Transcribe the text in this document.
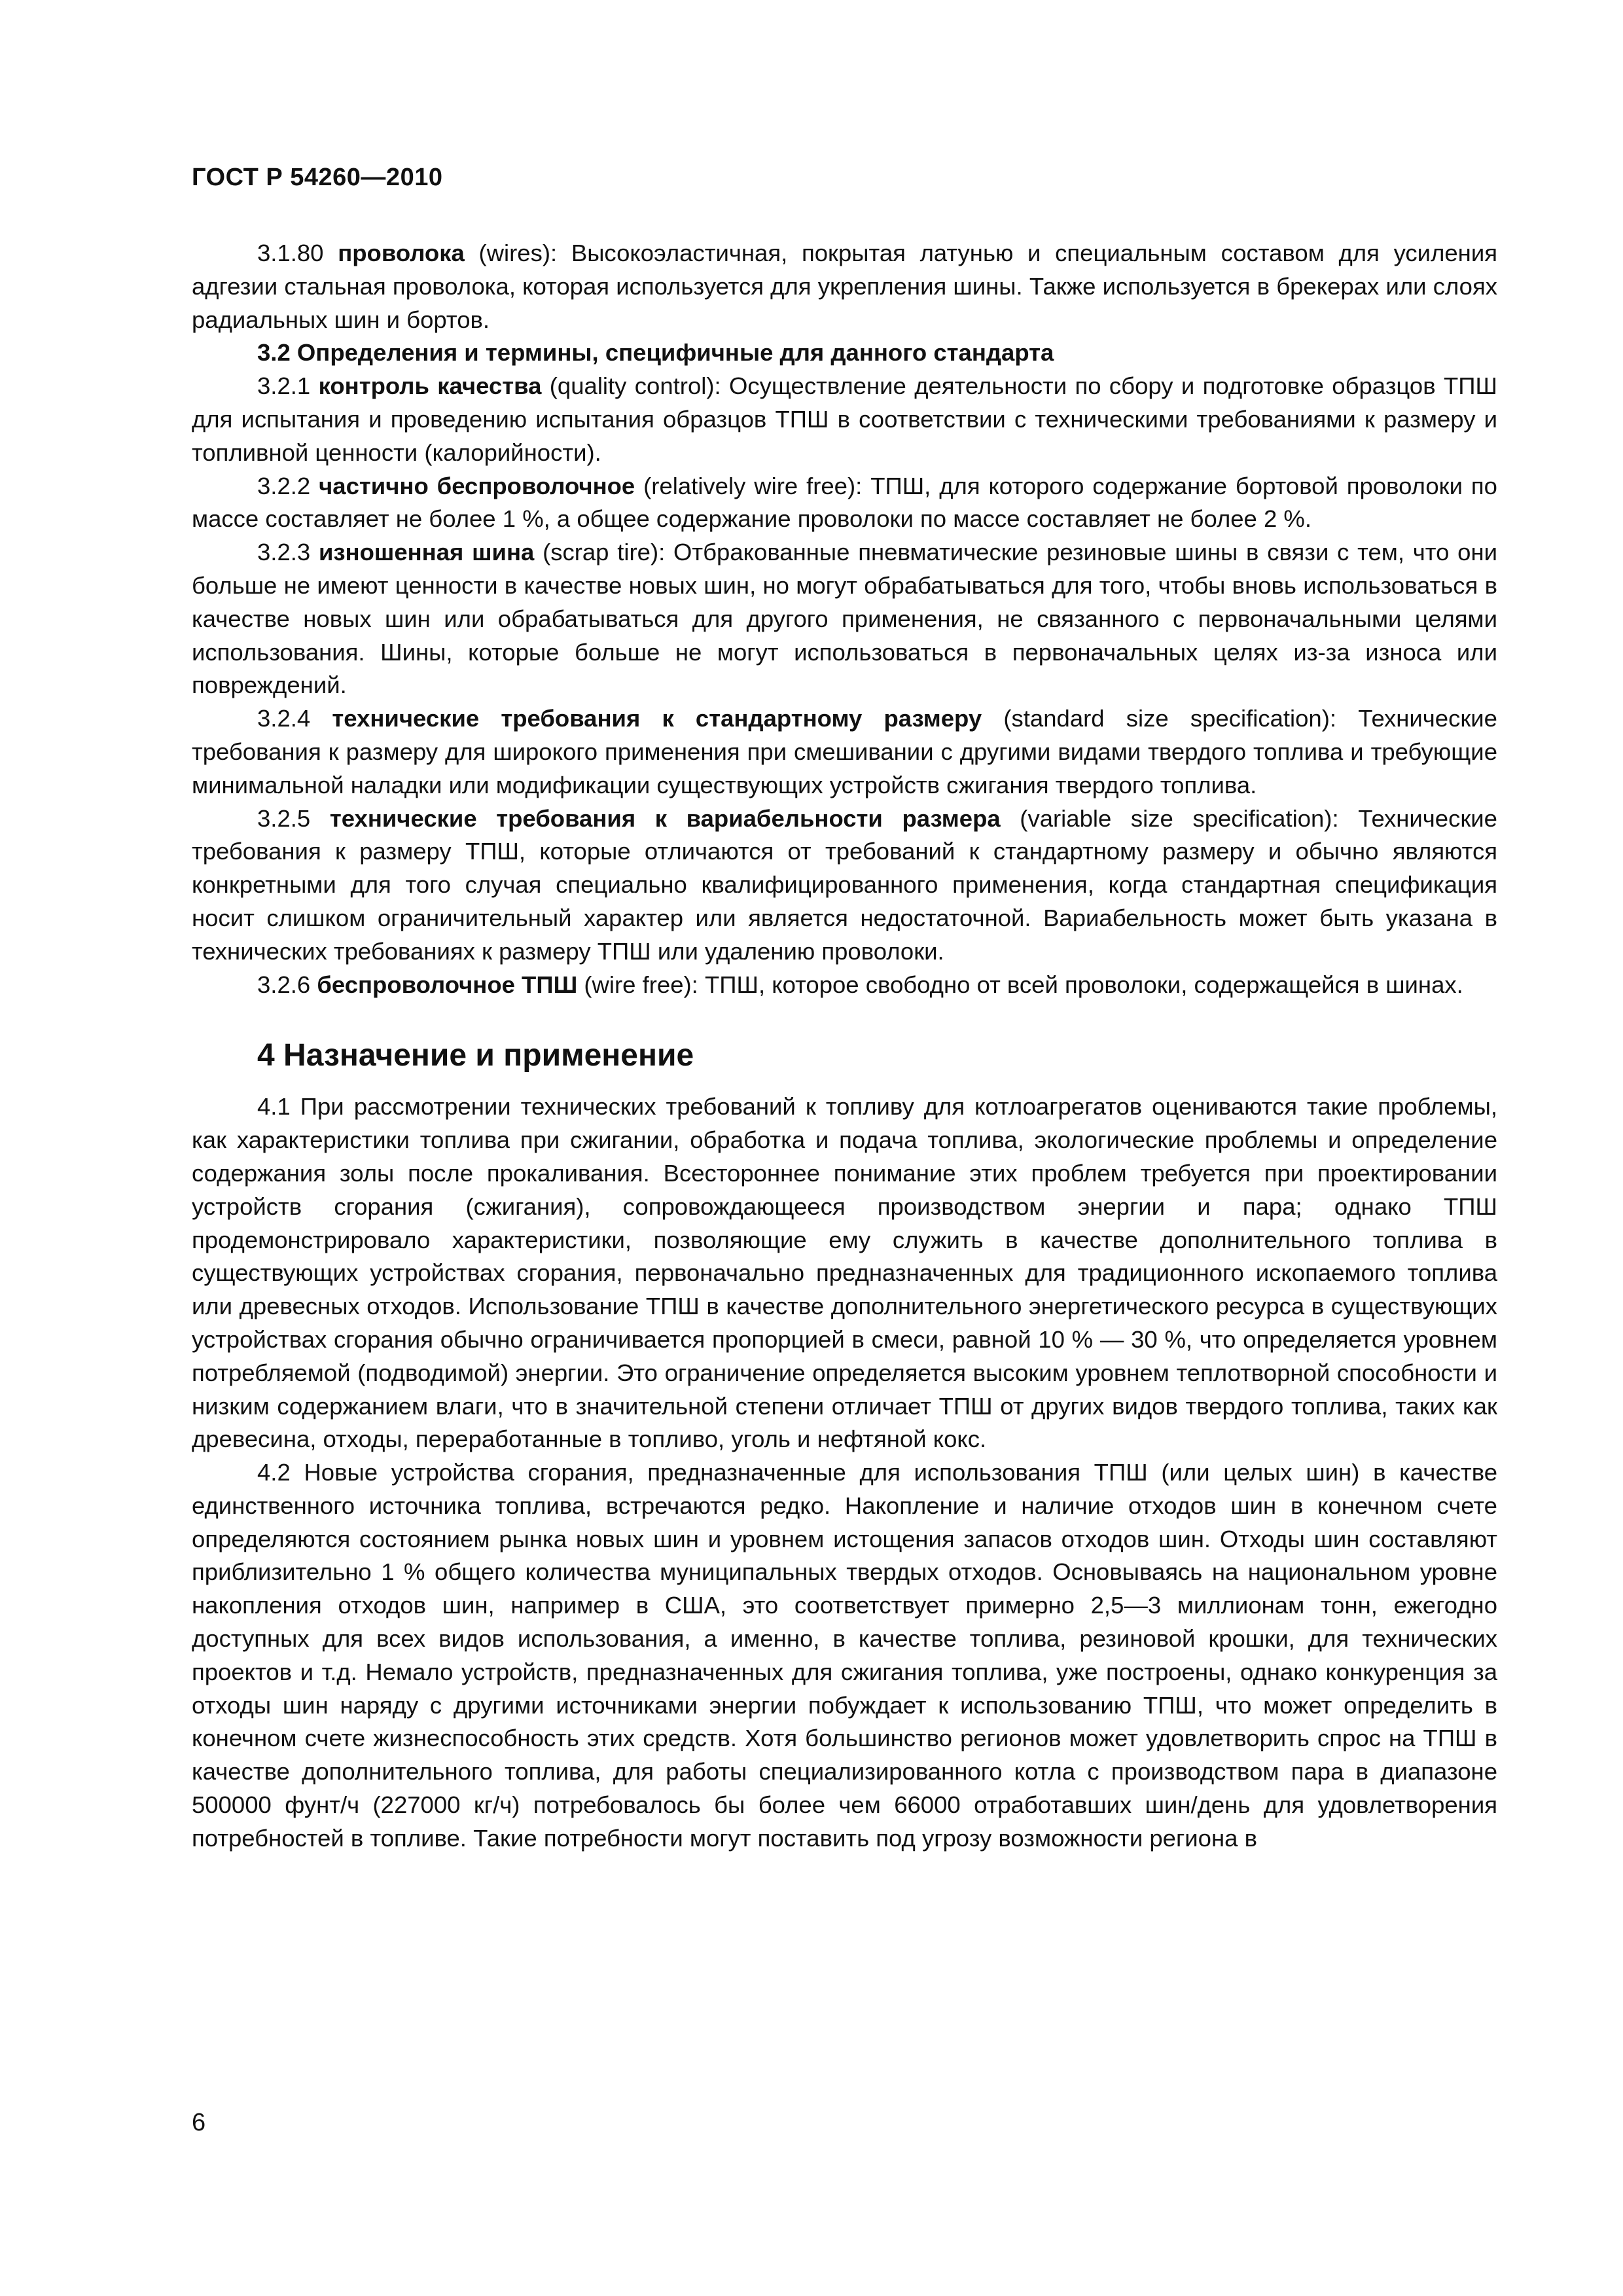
ГОСТ Р 54260—2010

3.1.80 проволока (wires): Высокоэластичная, покрытая латунью и специальным составом для усиления адгезии стальная проволока, которая используется для укрепления шины. Также используется в брекерах или слоях радиальных шин и бортов.

3.2 Определения и термины, специфичные для данного стандарта

3.2.1 контроль качества (quality control): Осуществление деятельности по сбору и подготовке образцов ТПШ для испытания и проведению испытания образцов ТПШ в соответствии с техническими требованиями к размеру и топливной ценности (калорийности).

3.2.2 частично беспроволочное (relatively wire free): ТПШ, для которого содержание бортовой проволоки по массе составляет не более 1 %, а общее содержание проволоки по массе составляет не более 2 %.

3.2.3 изношенная шина (scrap tire): Отбракованные пневматические резиновые шины в связи с тем, что они больше не имеют ценности в качестве новых шин, но могут обрабатываться для того, чтобы вновь использоваться в качестве новых шин или обрабатываться для другого применения, не связанного с первоначальными целями использования. Шины, которые больше не могут использоваться в первоначальных целях из-за износа или повреждений.

3.2.4 технические требования к стандартному размеру (standard size specification): Технические требования к размеру для широкого применения при смешивании с другими видами твердого топлива и требующие минимальной наладки или модификации существующих устройств сжигания твердого топлива.

3.2.5 технические требования к вариабельности размера (variable size specification): Технические требования к размеру ТПШ, которые отличаются от требований к стандартному размеру и обычно являются конкретными для того случая специально квалифицированного применения, когда стандартная спецификация носит слишком ограничительный характер или является недостаточной. Вариабельность может быть указана в технических требованиях к размеру ТПШ или удалению проволоки.

3.2.6 беспроволочное ТПШ (wire free): ТПШ, которое свободно от всей проволоки, содержащейся в шинах.

4 Назначение и применение

4.1 При рассмотрении технических требований к топливу для котлоагрегатов оцениваются такие проблемы, как характеристики топлива при сжигании, обработка и подача топлива, экологические проблемы и определение содержания золы после прокаливания. Всестороннее понимание этих проблем требуется при проектировании устройств сгорания (сжигания), сопровождающееся производством энергии и пара; однако ТПШ продемонстрировало характеристики, позволяющие ему служить в качестве дополнительного топлива в существующих устройствах сгорания, первоначально предназначенных для традиционного ископаемого топлива или древесных отходов. Использование ТПШ в качестве дополнительного энергетического ресурса в существующих устройствах сгорания обычно ограничивается пропорцией в смеси, равной 10 % — 30 %, что определяется уровнем потребляемой (подводимой) энергии. Это ограничение определяется высоким уровнем теплотворной способности и низким содержанием влаги, что в значительной степени отличает ТПШ от других видов твердого топлива, таких как древесина, отходы, переработанные в топливо, уголь и нефтяной кокс.

4.2 Новые устройства сгорания, предназначенные для использования ТПШ (или целых шин) в качестве единственного источника топлива, встречаются редко. Накопление и наличие отходов шин в конечном счете определяются состоянием рынка новых шин и уровнем истощения запасов отходов шин. Отходы шин составляют приблизительно 1 % общего количества муниципальных твердых отходов. Основываясь на национальном уровне накопления отходов шин, например в США, это соответствует примерно 2,5—3 миллионам тонн, ежегодно доступных для всех видов использования, а именно, в качестве топлива, резиновой крошки, для технических проектов и т.д. Немало устройств, предназначенных для сжигания топлива, уже построены, однако конкуренция за отходы шин наряду с другими источниками энергии побуждает к использованию ТПШ, что может определить в конечном счете жизнеспособность этих средств. Хотя большинство регионов может удовлетворить спрос на ТПШ в качестве дополнительного топлива, для работы специализированного котла с производством пара в диапазоне 500000 фунт/ч (227000 кг/ч) потребовалось бы более чем 66000 отработавших шин/день для удовлетворения потребностей в топливе. Такие потребности могут поставить под угрозу возможности региона в

6
